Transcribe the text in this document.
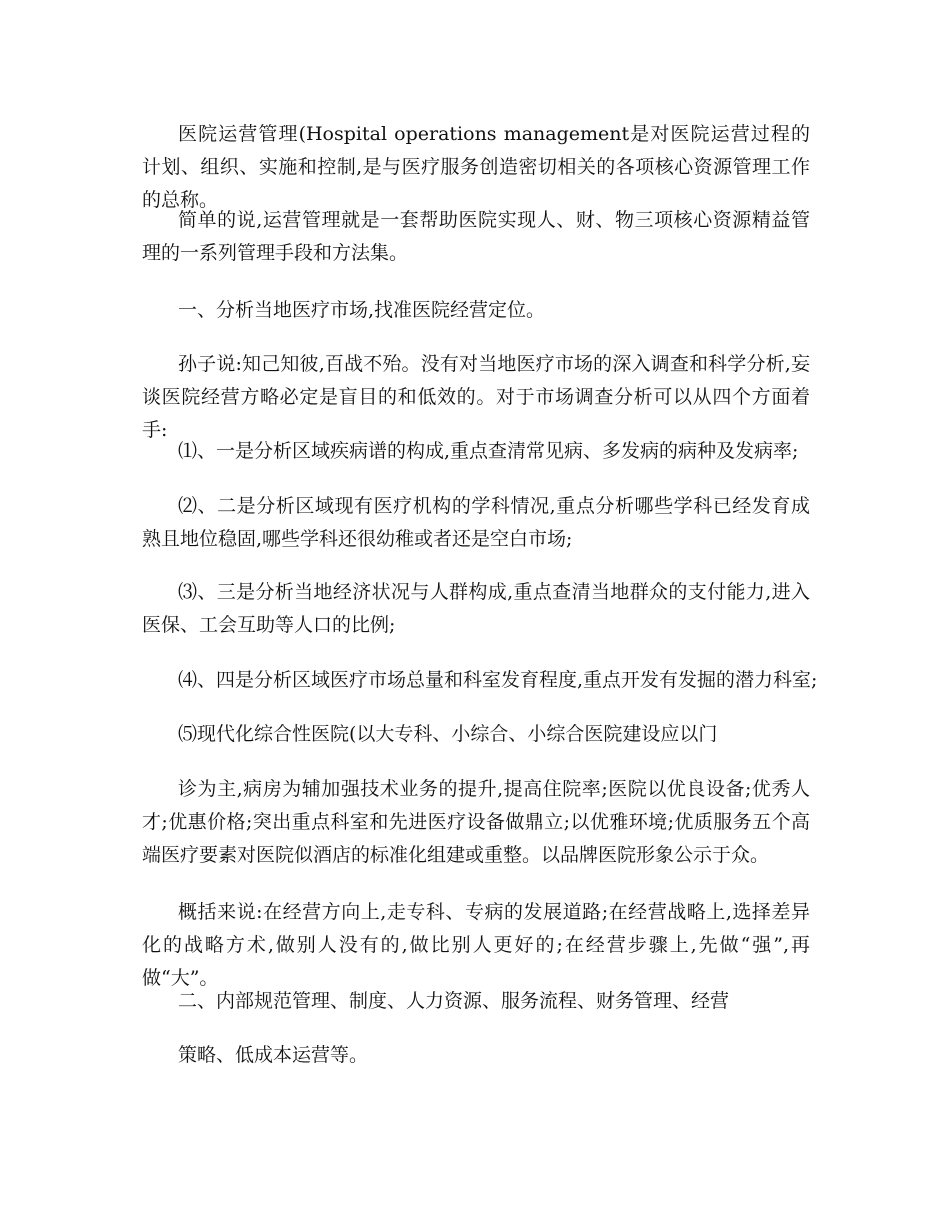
医院运营管理(Hospital operations management是对医院运营过程的计划、组织、实施和控制,是与医疗服务创造密切相关的各项核心资源管理工作的总称。

简单的说,运营管理就是一套帮助医院实现人、财、物三项核心资源精益管理的一系列管理手段和方法集。

一、分析当地医疗市场,找准医院经营定位。

孙子说:知己知彼,百战不殆。没有对当地医疗市场的深入调查和科学分析,妄谈医院经营方略必定是盲目的和低效的。对于市场调查分析可以从四个方面着手:

⑴、一是分析区域疾病谱的构成,重点查清常见病、多发病的病种及发病率;

⑵、二是分析区域现有医疗机构的学科情况,重点分析哪些学科已经发育成熟且地位稳固,哪些学科还很幼稚或者还是空白市场;

⑶、三是分析当地经济状况与人群构成,重点查清当地群众的支付能力,进入医保、工会互助等人口的比例;

⑷、四是分析区域医疗市场总量和科室发育程度,重点开发有发掘的潜力科室;

⑸现代化综合性医院(以大专科、小综合、小综合医院建设应以门

诊为主,病房为辅加强技术业务的提升,提高住院率;医院以优良设备;优秀人才;优惠价格;突出重点科室和先进医疗设备做鼎立;以优雅环境;优质服务五个高端医疗要素对医院似酒店的标准化组建或重整。以品牌医院形象公示于众。

概括来说:在经营方向上,走专科、专病的发展道路;在经营战略上,选择差异化的战略方术,做别人没有的,做比别人更好的;在经营步骤上,先做“强”,再做“大”。

二、内部规范管理、制度、人力资源、服务流程、财务管理、经营

策略、低成本运营等。
